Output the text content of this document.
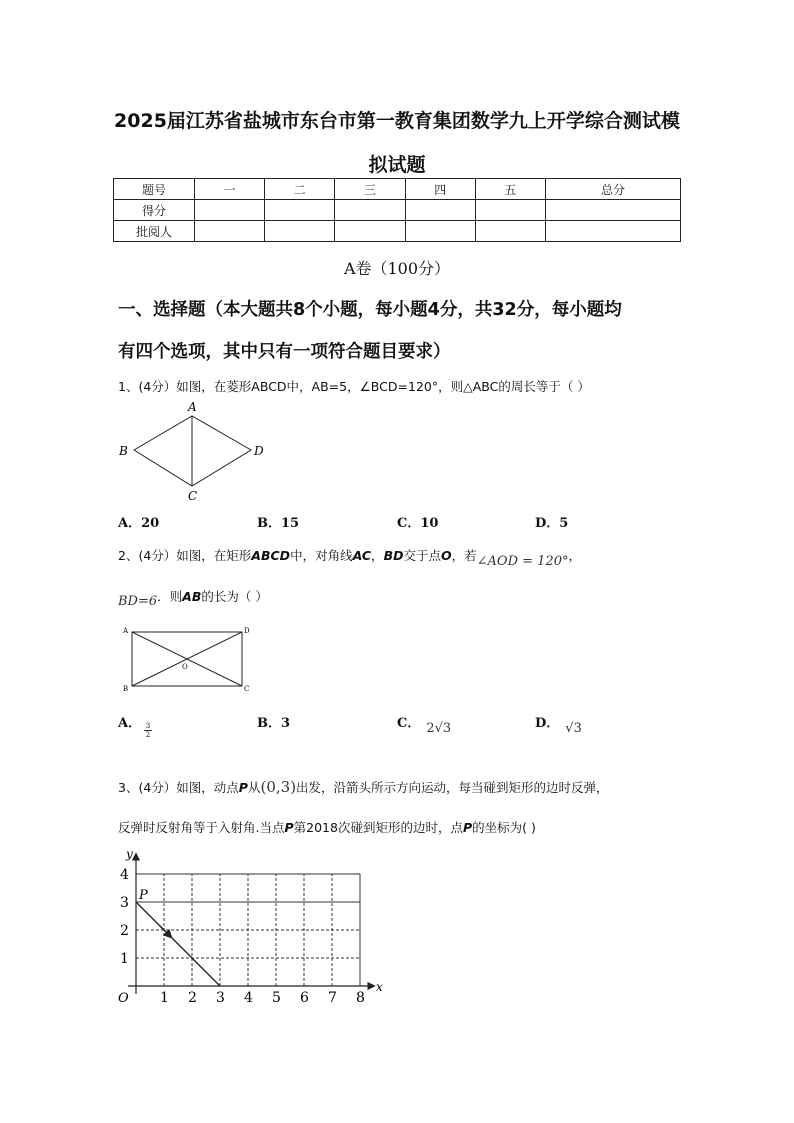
2025届江苏省盐城市东台市第一教育集团数学九上开学综合测试模
拟试题
题号	一	二	三	四	五	总分
得分						
批阅人						
A卷（100分）
一、选择题（本大题共8个小题，每小题4分，共32分，每小题均
有四个选项，其中只有一项符合题目要求）
1、(4分）如图，在菱形ABCD中，AB=5，∠BCD=120°，则△ABC的周长等于（ ）
A
B
C
D
A．20	B．15	C．10	D．5
2、(4分）如图，在矩形ABCD中，对角线AC，BD交于点O，若∠AOD = 120°，
BD=6．则AB的长为（ ）
A
B	C
D
O
A． $\frac{3}{2}$	B．3	C． 2√3	D． √3
3、(4分）如图，动点P从(0,3)出发，沿箭头所示方向运动，每当碰到矩形的边时反弹，
反弹时反射角等于入射角.当点P第2018次碰到矩形的边时，点P的坐标为( )
1 2 3 4 5 6 7 8
1
2
3
4
O
x
y
P
